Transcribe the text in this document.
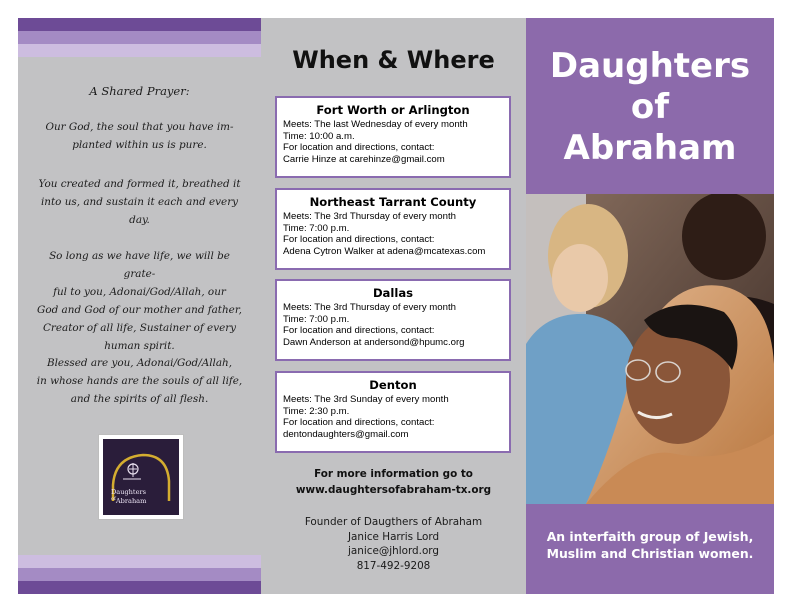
A Shared Prayer:
Our God, the soul that you have im-
planted within us is pure.
You created and formed it, breathed it
into us, and sustain it each and every
day.
So long as we have life, we will be grate-
ful to you, Adonai/God/Allah, our
God and God of our mother and father,
Creator of all life, Sustainer of every
human spirit.
Blessed are you, Adonai/God/Allah,
in whose hands are the souls of all life,
and the spirits of all flesh.
Daughters $^{of}$Abraham
When & Where
Fort Worth or Arlington
Meets: The last Wednesday of every month
Time: 10:00 a.m.
For location and directions, contact:
Carrie Hinze at carehinze@gmail.com
Northeast Tarrant County
Meets: The 3rd Thursday of every month
Time: 7:00 p.m.
For location and directions, contact:
Adena Cytron Walker at adena@mcatexas.com
Dallas
Meets: The 3rd Thursday of every month
Time: 7:00 p.m.
For location and directions, contact:
Dawn Anderson at andersond@hpumc.org
Denton
Meets: The 3rd Sunday of every month
Time: 2:30 p.m.
For location and directions, contact:
dentondaughters@gmail.com
For more information go to
www.daughtersofabraham-tx.org
Founder of Daugthers of Abraham
Janice Harris Lord
janice@jhlord.org
817-492-9208
Daughters
of
Abraham
An interfaith group of Jewish,
Muslim and Christian women.
